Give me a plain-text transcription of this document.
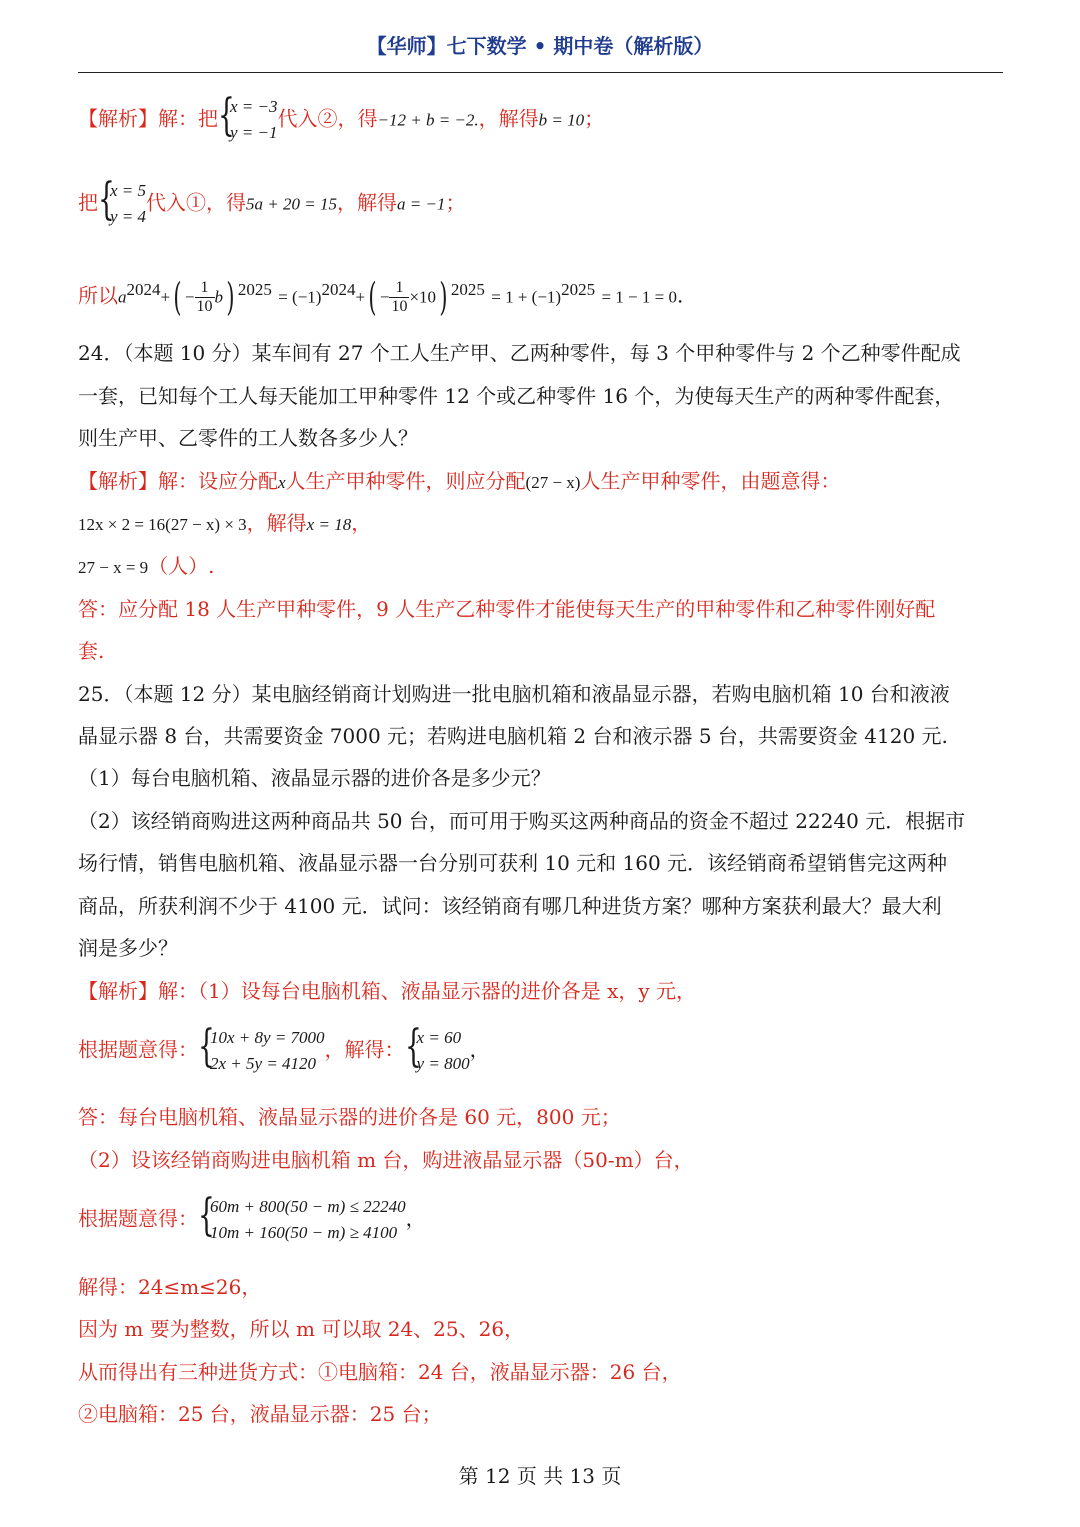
【华师】七下数学 • 期中卷（解析版）
【解析】解：把 {
x = −3
y = −1
代入②，得−12 + b = −2.，解得b = 10；
把 {
x = 5
y = 4
代入①，得5a + 20 = 15，解得a = −1；
所以$a^{2024}+( - \frac{1}{10} b) ^{2025} = (-1)^{2024}+( - \frac{1}{10} \times 10) ^{2025} = 1 + (-1)^{2025} = 1 - 1 = 0$.
24．（本题 10 分）某车间有 27 个工人生产甲、乙两种零件，每 3 个甲种零件与 2 个乙种零件配成
一套，已知每个工人每天能加工甲种零件 12 个或乙种零件 16 个，为使每天生产的两种零件配套，
则生产甲、乙零件的工人数各多少人？
【解析】解：设应分配x人生产甲种零件，则应分配(27 − x)人生产甲种零件，由题意得：
12x × 2 = 16(27 − x) × 3，解得x = 18，
27 − x = 9（人）.
答：应分配 18 人生产甲种零件，9 人生产乙种零件才能使每天生产的甲种零件和乙种零件刚好配
套.
25．（本题 12 分）某电脑经销商计划购进一批电脑机箱和液晶显示器，若购电脑机箱 10 台和液液
晶显示器 8 台，共需要资金 7000 元；若购进电脑机箱 2 台和液示器 5 台，共需要资金 4120 元.
（1）每台电脑机箱、液晶显示器的进价各是多少元？
（2）该经销商购进这两种商品共 50 台，而可用于购买这两种商品的资金不超过 22240 元．根据市
场行情，销售电脑机箱、液晶显示器一台分别可获利 10 元和 160 元．该经销商希望销售完这两种
商品，所获利润不少于 4100 元．试问：该经销商有哪几种进货方案？哪种方案获利最大？最大利
润是多少？
【解析】解：（1）设每台电脑机箱、液晶显示器的进价各是 x，y 元，
根据题意得： {
10x + 8y = 7000
2x + 5y = 4120
，解得： {
x = 60
y = 800
，
答：每台电脑机箱、液晶显示器的进价各是 60 元，800 元；
（2）设该经销商购进电脑机箱 m 台，购进液晶显示器（50-m）台，
根据题意得： {
60m + 800(50 − m) ≤ 22240
10m + 160(50 − m) ≥ 4100
，
解得：24≤m≤26，
因为 m 要为整数，所以 m 可以取 24、25、26，
从而得出有三种进货方式：①电脑箱：24 台，液晶显示器：26 台，
②电脑箱：25 台，液晶显示器：25 台；
第 12 页 共 13 页
